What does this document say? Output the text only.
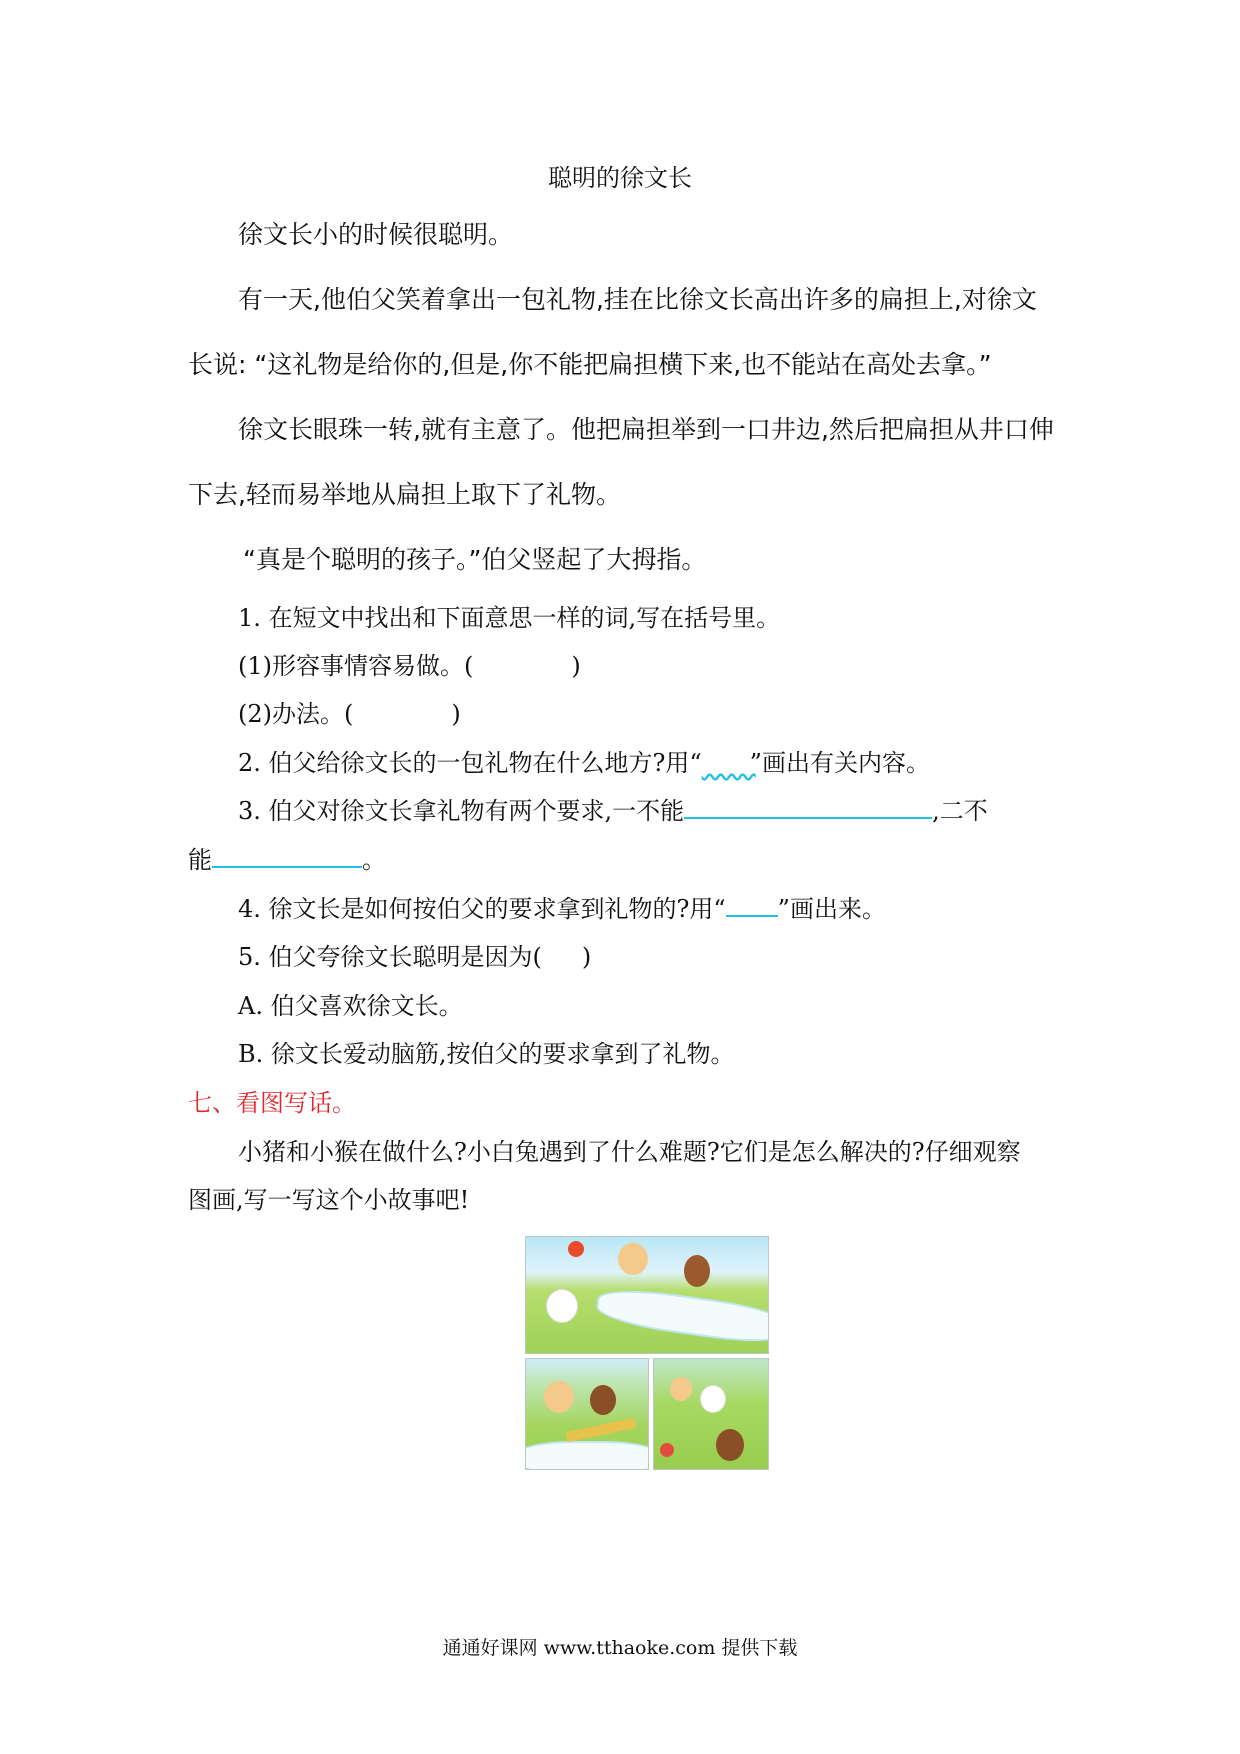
聪明的徐文长
徐文长小的时候很聪明。
有一天,他伯父笑着拿出一包礼物,挂在比徐文长高出许多的扁担上,对徐文
长说: “这礼物是给你的,但是,你不能把扁担横下来,也不能站在高处去拿。”
徐文长眼珠一转,就有主意了。他把扁担举到一口井边,然后把扁担从井口伸
下去,轻而易举地从扁担上取下了礼物。
“真是个聪明的孩子。”伯父竖起了大拇指。
1. 在短文中找出和下面意思一样的词,写在括号里。
(1)形容事情容易做。(	)
(2)办法。(	)
2. 伯父给徐文长的一包礼物在什么地方?用“ ”画出有关内容。
3. 伯父对徐文长拿礼物有两个要求,一不能	,二不
能	。
4. 徐文长是如何按伯父的要求拿到礼物的?用“ ”画出来。
5. 伯父夸徐文长聪明是因为( )
A. 伯父喜欢徐文长。
B. 徐文长爱动脑筋,按伯父的要求拿到了礼物。
七、看图写话。
小猪和小猴在做什么?小白兔遇到了什么难题?它们是怎么解决的?仔细观察
图画,写一写这个小故事吧!
通通好课网 www.tthaoke.com 提供下载
